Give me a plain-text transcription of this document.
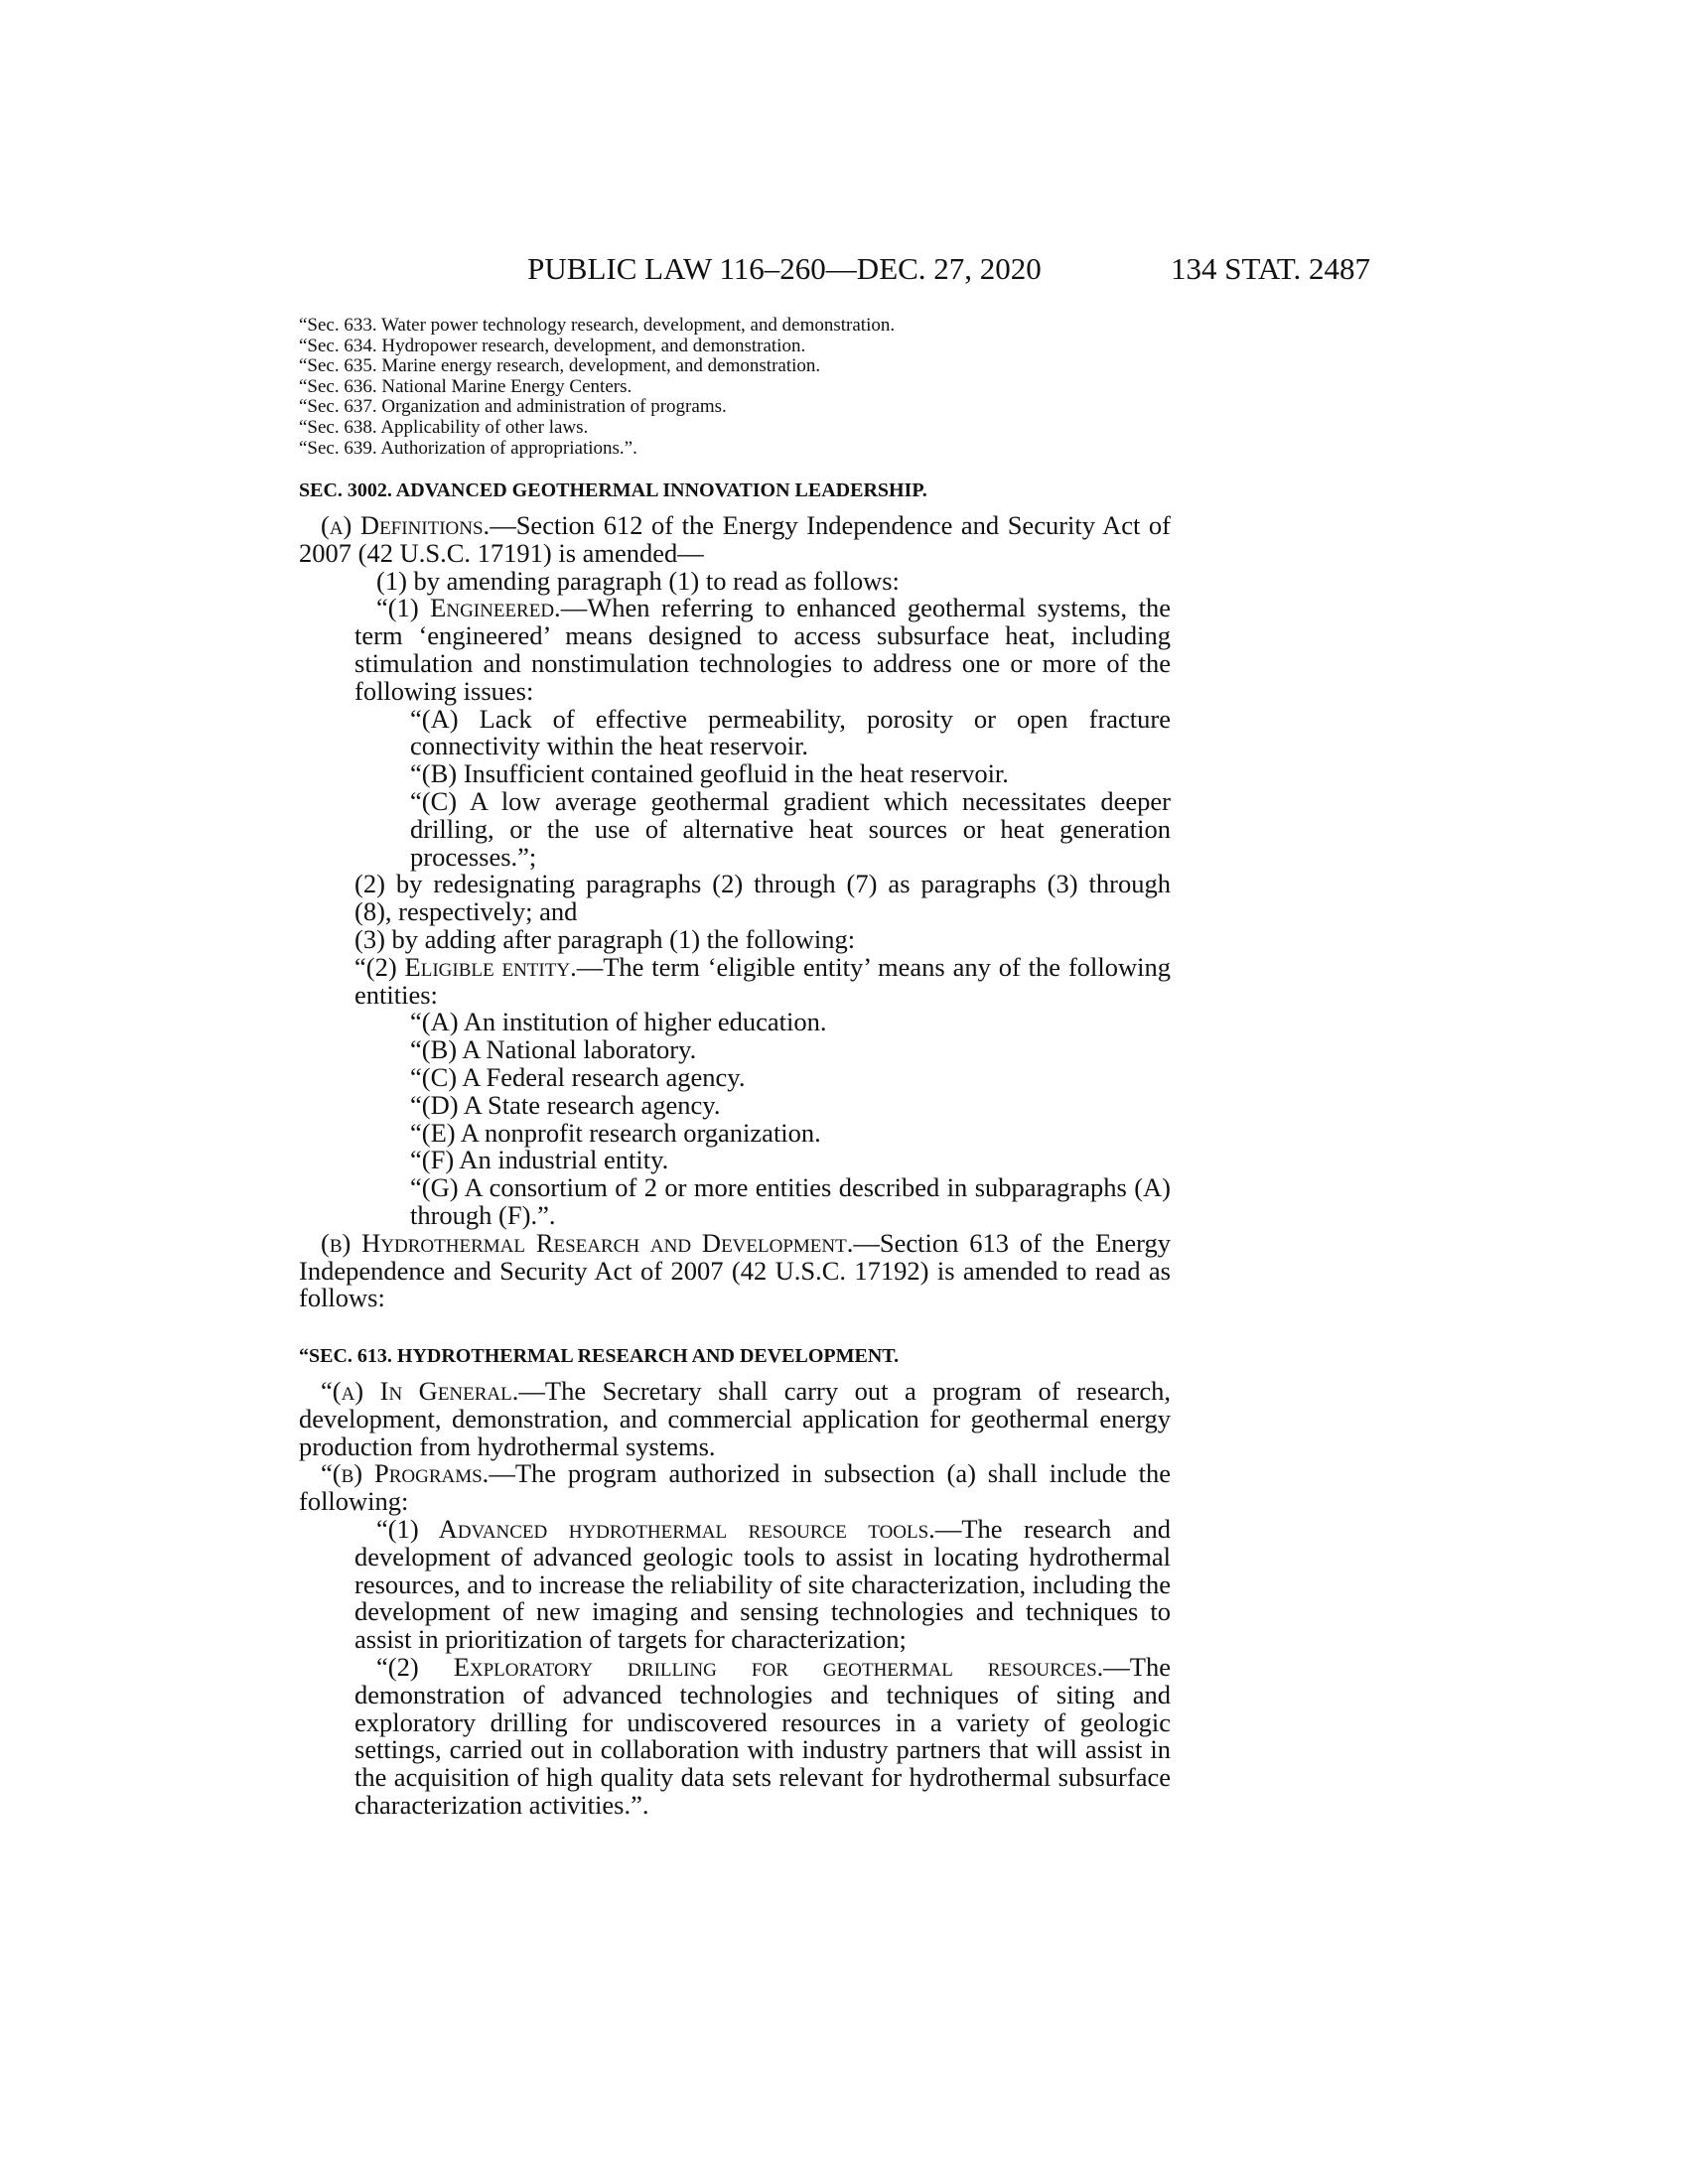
PUBLIC LAW 116–260—DEC. 27, 2020	134 STAT. 2487
“Sec. 633. Water power technology research, development, and demonstration.
“Sec. 634. Hydropower research, development, and demonstration.
“Sec. 635. Marine energy research, development, and demonstration.
“Sec. 636. National Marine Energy Centers.
“Sec. 637. Organization and administration of programs.
“Sec. 638. Applicability of other laws.
“Sec. 639. Authorization of appropriations.”.
SEC. 3002. ADVANCED GEOTHERMAL INNOVATION LEADERSHIP.
(a) Definitions.—Section 612 of the Energy Independence and Security Act of 2007 (42 U.S.C. 17191) is amended—
(1) by amending paragraph (1) to read as follows:
“(1) Engineered.—When referring to enhanced geothermal systems, the term ‘engineered’ means designed to access subsurface heat, including stimulation and nonstimulation technologies to address one or more of the following issues:
“(A) Lack of effective permeability, porosity or open fracture connectivity within the heat reservoir.
“(B) Insufficient contained geofluid in the heat reservoir.
“(C) A low average geothermal gradient which necessitates deeper drilling, or the use of alternative heat sources or heat generation processes.”;
(2) by redesignating paragraphs (2) through (7) as paragraphs (3) through (8), respectively; and
(3) by adding after paragraph (1) the following:
“(2) Eligible entity.—The term ‘eligible entity’ means any of the following entities:
“(A) An institution of higher education.
“(B) A National laboratory.
“(C) A Federal research agency.
“(D) A State research agency.
“(E) A nonprofit research organization.
“(F) An industrial entity.
“(G) A consortium of 2 or more entities described in subparagraphs (A) through (F).”.
(b) Hydrothermal Research and Development.—Section 613 of the Energy Independence and Security Act of 2007 (42 U.S.C. 17192) is amended to read as follows:
“SEC. 613. HYDROTHERMAL RESEARCH AND DEVELOPMENT.
“(a) In General.—The Secretary shall carry out a program of research, development, demonstration, and commercial application for geothermal energy production from hydrothermal systems.
“(b) Programs.—The program authorized in subsection (a) shall include the following:
“(1) Advanced hydrothermal resource tools.—The research and development of advanced geologic tools to assist in locating hydrothermal resources, and to increase the reliability of site characterization, including the development of new imaging and sensing technologies and techniques to assist in prioritization of targets for characterization;
“(2) Exploratory drilling for geothermal resources.—The demonstration of advanced technologies and techniques of siting and exploratory drilling for undiscovered resources in a variety of geologic settings, carried out in collaboration with industry partners that will assist in the acquisition of high quality data sets relevant for hydrothermal subsurface characterization activities.”.
